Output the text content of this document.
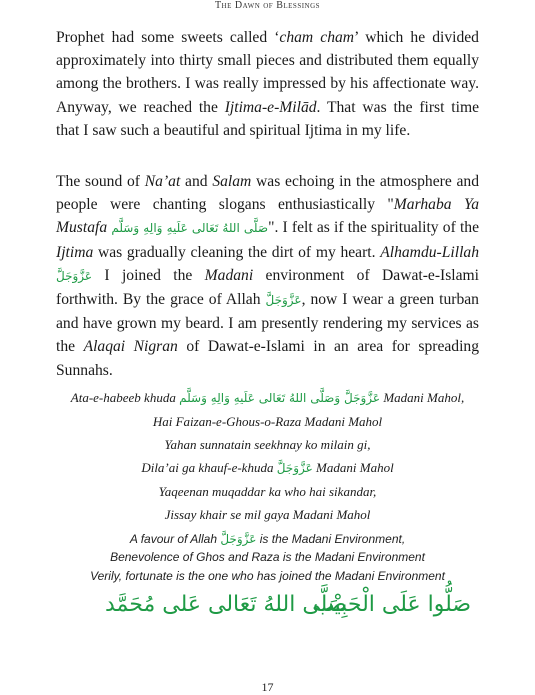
The Dawn of Blessings

Prophet had some sweets called ‘cham cham’ which he divided approximately into thirty small pieces and distributed them equally among the brothers. I was really impressed by his affectionate way. Anyway, we reached the Ijtima-e-Milād. That was the first time that I saw such a beautiful and spiritual Ijtima in my life.

The sound of Na’at and Salam was echoing in the atmosphere and people were chanting slogans enthusiastically "Marhaba Ya Mustafa صَلَّى اللهُ تَعَالى عَلَيهِ وَالِهِ وَسَلَّم". I felt as if the spirituality of the Ijtima was gradually cleaning the dirt of my heart. Alhamdu-Lillah عَزَّوَجَلَّ I joined the Madani environment of Dawat-e-Islami forthwith. By the grace of Allah عَزَّوَجَلَّ, now I wear a green turban and have grown my beard. I am presently rendering my services as the Alaqai Nigran of Dawat-e-Islami in an area for spreading Sunnahs.

Ata-e-habeeb khuda عَزَّوَجَلَّ وَصَلَّى اللهُ تَعَالى عَلَيهِ وَالِهِ وَسَلَّم Madani Mahol,
Hai Faizan-e-Ghous-o-Raza Madani Mahol
Yahan sunnatain seekhnay ko milain gi,
Dila’ai ga khauf-e-khuda عَزَّوَجَلَّ Madani Mahol
Yaqeenan muqaddar ka who hai sikandar,
Jissay khair se mil gaya Madani Mahol
A favour of Allah عَزَّوَجَلَّ is the Madani Environment,
Benevolence of Ghos and Raza is the Madani Environment
Verily, fortunate is the one who has joined the Madani Environment
صَلَّى اللهُ تَعَالى عَلى مُحَمَّد
صَلُّوا عَلَى الْحَبِيْب
17
